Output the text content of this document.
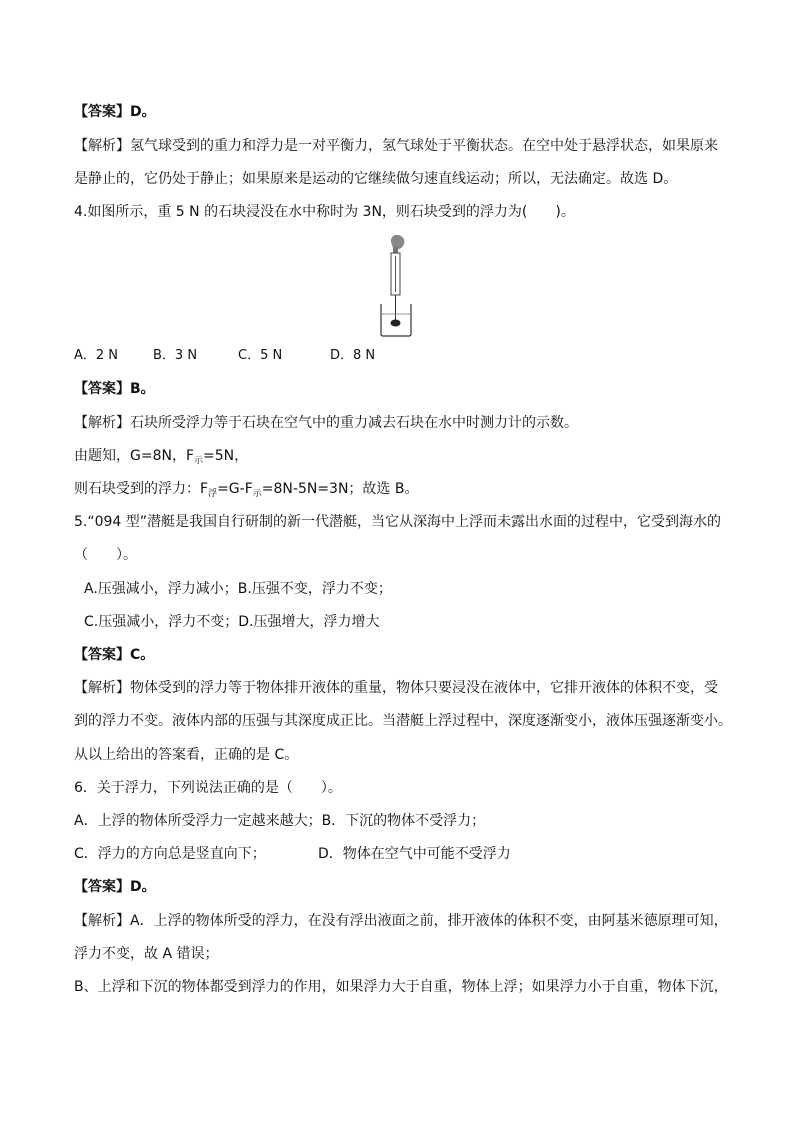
【答案】D。
【解析】氢气球受到的重力和浮力是一对平衡力，氢气球处于平衡状态。在空中处于悬浮状态，如果原来
是静止的，它仍处于静止；如果原来是运动的它继续做匀速直线运动；所以，无法确定。故选 D。
4.如图所示，重 5 N 的石块浸没在水中称时为 3N，则石块受到的浮力为(　　)。
A．2 N	B．3 N	C．5 N	D．8 N
【答案】B。
【解析】石块所受浮力等于石块在空气中的重力减去石块在水中时测力计的示数。
由题知，G=8N，$F_示=5N$，
则石块受到的浮力：$F_浮=G-F_示=8N-5N=3N$；故选 B。
5.“094 型”潜艇是我国自行研制的新一代潜艇，当它从深海中上浮而未露出水面的过程中，它受到海水的
（　　）。
A.压强减小，浮力减小；B.压强不变，浮力不变；
C.压强减小，浮力不变；D.压强增大，浮力增大
【答案】C。
【解析】物体受到的浮力等于物体排开液体的重量，物体只要浸没在液体中，它排开液体的体积不变，受
到的浮力不变。液体内部的压强与其深度成正比。当潜艇上浮过程中，深度逐渐变小，液体压强逐渐变小。
从以上给出的答案看，正确的是 C。
6．关于浮力，下列说法正确的是（　　）。
A．上浮的物体所受浮力一定越来越大；B．下沉的物体不受浮力；
C．浮力的方向总是竖直向下；	D．物体在空气中可能不受浮力
【答案】D。
【解析】A．上浮的物体所受的浮力，在没有浮出液面之前，排开液体的体积不变，由阿基米德原理可知，
浮力不变，故 A 错误；
B、上浮和下沉的物体都受到浮力的作用，如果浮力大于自重，物体上浮；如果浮力小于自重，物体下沉，
